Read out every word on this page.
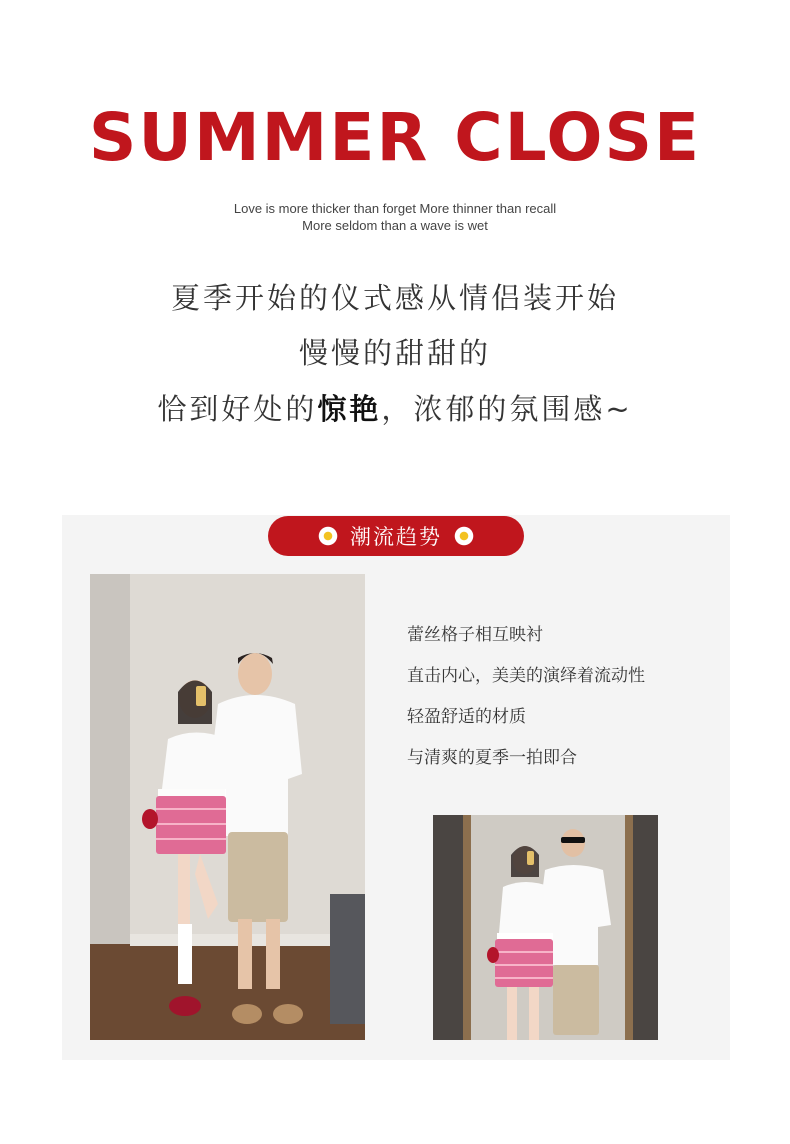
SUMMER CLOSE
Love is more thicker than forget More thinner than recall
More seldom than a wave is wet
夏季开始的仪式感从情侣装开始
慢慢的甜甜的
恰到好处的惊艳，浓郁的氛围感~
潮流趋势
蕾丝格子相互映衬
直击内心，美美的演绎着流动性
轻盈舒适的材质
与清爽的夏季一拍即合
